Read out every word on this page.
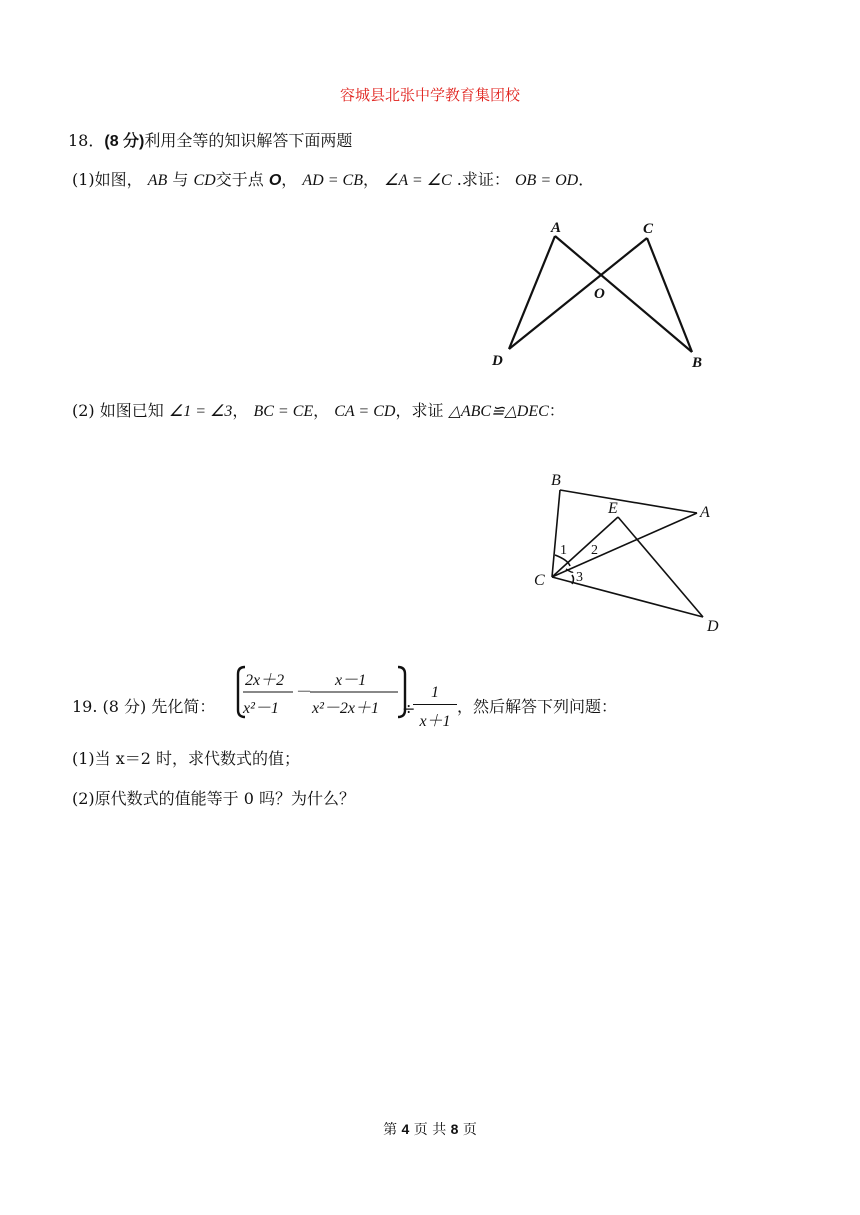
容城县北张中学教育集团校
18．(8 分)利用全等的知识解答下面两题
(1)如图， AB 与 CD交于点 O， AD = CB， ∠A = ∠C .求证： OB = OD．
A	C
O
D	B
(2) 如图已知 ∠1 = ∠3， BC = CE， CA = CD，求证 △ABC≌△DEC：
B
E	A
C
D
1 2
3
19. (8 分) 先化简：
2x＋2
x²－1
－
x－1
x²－2x＋1 ÷
$\frac{1}{x+1}$ ，然后解答下列问题：
(1)当 x＝2 时，求代数式的值；
(2)原代数式的值能等于 0 吗？为什么？
第 4 页 共 8 页
